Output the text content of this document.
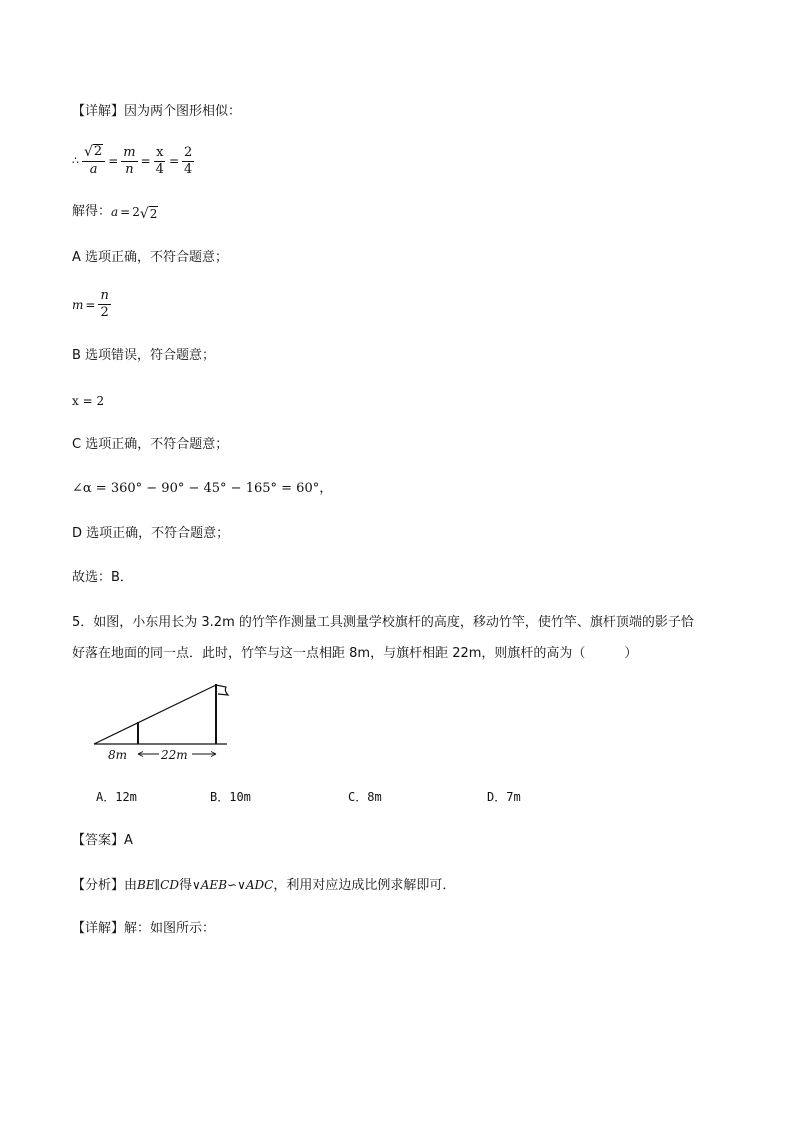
【详解】因为两个图形相似：
∴ $\frac{√ 2}{a} = \frac{m}{n} = \frac{x}{4} = \frac{2}{4}$
解得： a = 2 √ 2
A 选项正确，不符合题意；
$m = \frac{n}{2}$
B 选项错误，符合题意；
x = 2
C 选项正确，不符合题意；
∠α = 360° − 90° − 45° − 165° = 60°，
D 选项正确，不符合题意；
故选：B．
5．如图，小东用长为 3.2m 的竹竿作测量工具测量学校旗杆的高度，移动竹竿，使竹竿、旗杆顶端的影子恰
好落在地面的同一点．此时，竹竿与这一点相距 8m，与旗杆相距 22m，则旗杆的高为（　　　）
8m	22m
A．12m	B．10m	C．8m	D．7m
【答案】A
【分析】由BE∥CD得∨AEB∽∨ADC，利用对应边成比例求解即可．
【详解】解：如图所示：
